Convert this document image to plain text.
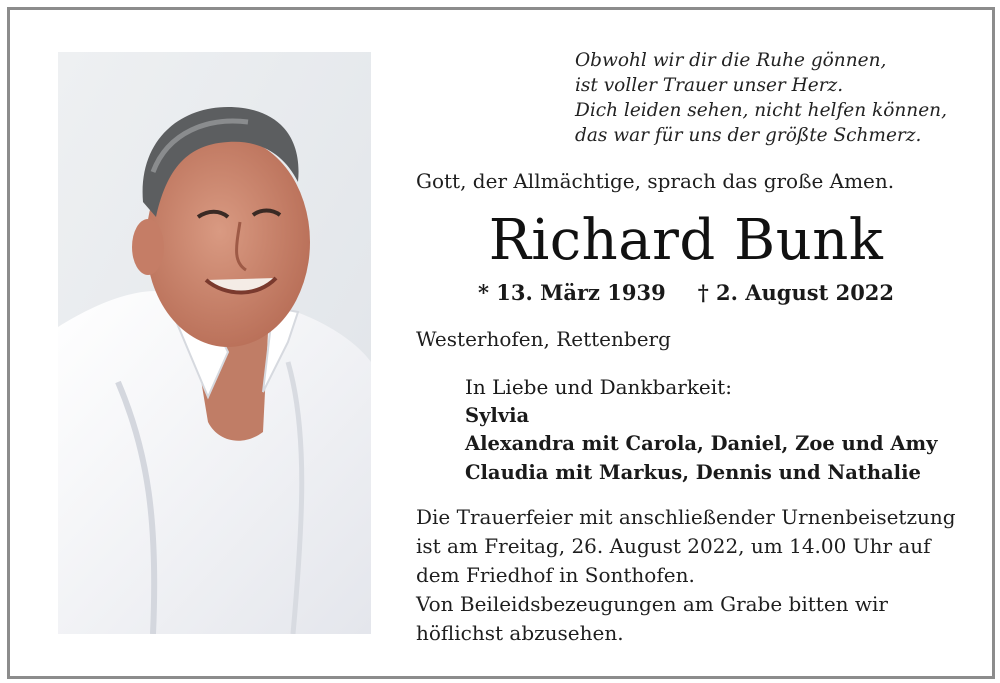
Obwohl wir dir die Ruhe gönnen,
ist voller Trauer unser Herz.
Dich leiden sehen, nicht helfen können,
das war für uns der größte Schmerz.
Gott, der Allmächtige, sprach das große Amen.
Richard Bunk
* 13. März 1939 † 2. August 2022
Westerhofen, Rettenberg
In Liebe und Dankbarkeit:
Sylvia
Alexandra mit Carola, Daniel, Zoe und Amy
Claudia mit Markus, Dennis und Nathalie
Die Trauerfeier mit anschließender Urnenbeisetzung
ist am Freitag, 26. August 2022, um 14.00 Uhr auf
dem Friedhof in Sonthofen.
Von Beileidsbezeugungen am Grabe bitten wir
höflichst abzusehen.
